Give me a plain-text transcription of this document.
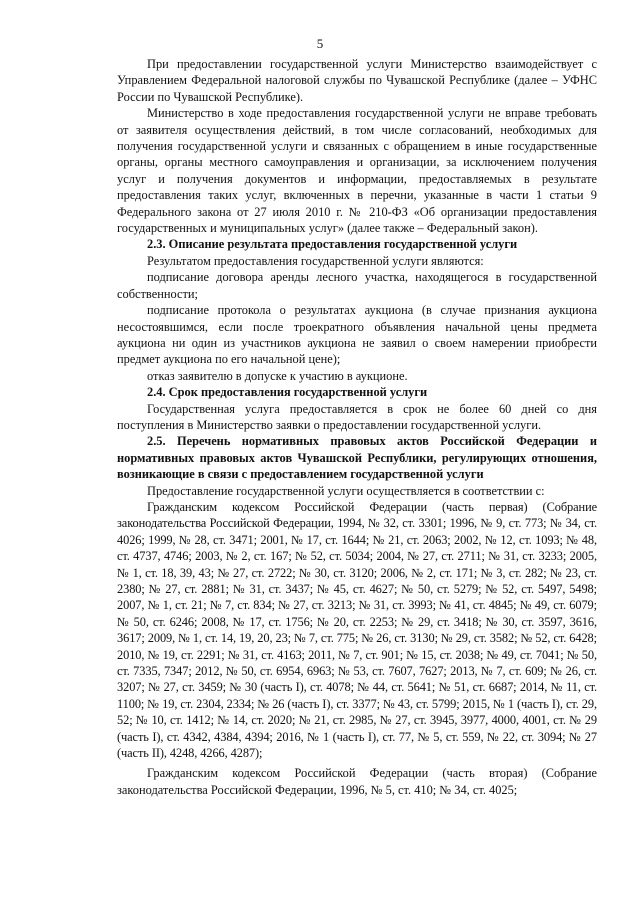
5

При предоставлении государственной услуги Министерство взаимодействует с Управлением Федеральной налоговой службы по Чувашской Республике (далее – УФНС России по Чувашской Республике).

Министерство в ходе предоставления государственной услуги не вправе требовать от заявителя осуществления действий, в том числе согласований, необходимых для получения государственной услуги и связанных с обращением в иные государственные органы, органы местного самоуправления и организации, за исключением получения услуг и получения документов и информации, предоставляемых в результате предоставления таких услуг, включенных в перечни, указанные в части 1 статьи 9 Федерального закона от 27 июля 2010 г. № 210-ФЗ «Об организации предоставления государственных и муниципальных услуг» (далее также – Федеральный закон).

2.3. Описание результата предоставления государственной услуги

Результатом предоставления государственной услуги являются:

подписание договора аренды лесного участка, находящегося в государственной собственности;

подписание протокола о результатах аукциона (в случае признания аукциона несостоявшимся, если после троекратного объявления начальной цены предмета аукциона ни один из участников аукциона не заявил о своем намерении приобрести предмет аукциона по его начальной цене);

отказ заявителю в допуске к участию в аукционе.

2.4. Срок предоставления государственной услуги

Государственная услуга предоставляется в срок не более 60 дней со дня поступления в Министерство заявки о предоставлении государственной услуги.

2.5. Перечень нормативных правовых актов Российской Федерации и нормативных правовых актов Чувашской Республики, регулирующих отношения, возникающие в связи с предоставлением государственной услуги

Предоставление государственной услуги осуществляется в соответствии с:

Гражданским кодексом Российской Федерации (часть первая) (Собрание законодательства Российской Федерации, 1994, № 32, ст. 3301; 1996, № 9, ст. 773; № 34, ст. 4026; 1999, № 28, ст. 3471; 2001, № 17, ст. 1644; № 21, ст. 2063; 2002, № 12, ст. 1093; № 48, ст. 4737, 4746; 2003, № 2, ст. 167; № 52, ст. 5034; 2004, № 27, ст. 2711; № 31, ст. 3233; 2005, № 1, ст. 18, 39, 43; № 27, ст. 2722; № 30, ст. 3120; 2006, № 2, ст. 171; № 3, ст. 282; № 23, ст. 2380; № 27, ст. 2881; № 31, ст. 3437; № 45, ст. 4627; № 50, ст. 5279; № 52, ст. 5497, 5498; 2007, № 1, ст. 21; № 7, ст. 834; № 27, ст. 3213; № 31, ст. 3993; № 41, ст. 4845; № 49, ст. 6079; № 50, ст. 6246; 2008, № 17, ст. 1756; № 20, ст. 2253; № 29, ст. 3418; № 30, ст. 3597, 3616, 3617; 2009, № 1, ст. 14, 19, 20, 23; № 7, ст. 775; № 26, ст. 3130; № 29, ст. 3582; № 52, ст. 6428; 2010, № 19, ст. 2291; № 31, ст. 4163; 2011, № 7, ст. 901; № 15, ст. 2038; № 49, ст. 7041; № 50, ст. 7335, 7347; 2012, № 50, ст. 6954, 6963; № 53, ст. 7607, 7627; 2013, № 7, ст. 609; № 26, ст. 3207; № 27, ст. 3459; № 30 (часть I), ст. 4078; № 44, ст. 5641; № 51, ст. 6687; 2014, № 11, ст. 1100; № 19, ст. 2304, 2334; № 26 (часть I), ст. 3377; № 43, ст. 5799; 2015, № 1 (часть I), ст. 29, 52; № 10, ст. 1412; № 14, ст. 2020; № 21, ст. 2985, № 27, ст. 3945, 3977, 4000, 4001, ст. № 29 (часть I), ст. 4342, 4384, 4394; 2016, № 1 (часть I), ст. 77, № 5, ст. 559, № 22, ст. 3094; № 27 (часть II), 4248, 4266, 4287);

Гражданским кодексом Российской Федерации (часть вторая) (Собрание законодательства Российской Федерации, 1996, № 5, ст. 410; № 34, ст. 4025;
